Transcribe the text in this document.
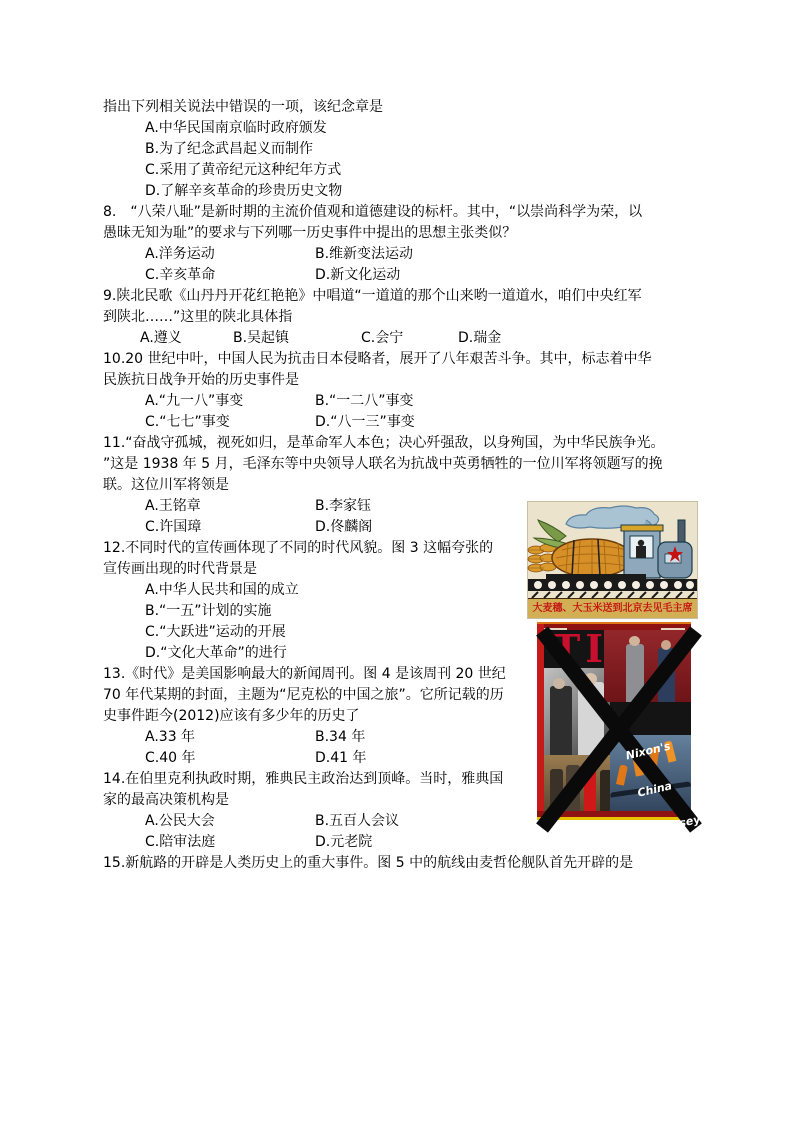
指出下列相关说法中错误的一项，该纪念章是
A.中华民国南京临时政府颁发
B.为了纪念武昌起义而制作
C.采用了黄帝纪元这种纪年方式
D.了解辛亥革命的珍贵历史文物
8.　“八荣八耻”是新时期的主流价值观和道德建设的标杆。其中，“以崇尚科学为荣，以
愚昧无知为耻”的要求与下列哪一历史事件中提出的思想主张类似？
A.洋务运动	B.维新变法运动
C.辛亥革命	D.新文化运动
9.陕北民歌《山丹丹开花红艳艳》中唱道“一道道的那个山来哟一道道水，咱们中央红军
到陕北……”这里的陕北具体指
A.遵义	B.吴起镇	C.会宁	D.瑞金
10.20 世纪中叶，中国人民为抗击日本侵略者，展开了八年艰苦斗争。其中，标志着中华
民族抗日战争开始的历史事件是
A.“九一八”事变	B.“一二八”事变
C.“七七”事变	D.“八一三”事变
11.“奋战守孤城，视死如归，是革命军人本色；决心歼强敌，以身殉国，为中华民族争光。
”这是 1938 年 5 月，毛泽东等中央领导人联名为抗战中英勇牺牲的一位川军将领题写的挽
联。这位川军将领是
A.王铭章	B.李家钰
C.许国璋	D.佟麟阁
12.不同时代的宣传画体现了不同的时代风貌。图 3 这幅夸张的
宣传画出现的时代背景是
A.中华人民共和国的成立
B.“一五”计划的实施
C.“大跃进”运动的开展
D.“文化大革命”的进行
13.《时代》是美国影响最大的新闻周刊。图 4 是该周刊 20 世纪
70 年代某期的封面，主题为“尼克松的中国之旅”。它所记载的历
史事件距今(2012)应该有多少年的历史了
A.33 年	B.34 年
C.40 年	D.41 年
14.在伯里克利执政时期，雅典民主政治达到顶峰。当时，雅典国
家的最高决策机构是
A.公民大会	B.五百人会议
C.陪审法庭	D.元老院
15.新航路的开辟是人类历史上的重大事件。图 5 中的航线由麦哲伦舰队首先开辟的是
大麦穗、大玉米送到北京去见毛主席

Nixon's

China

Odyssey
